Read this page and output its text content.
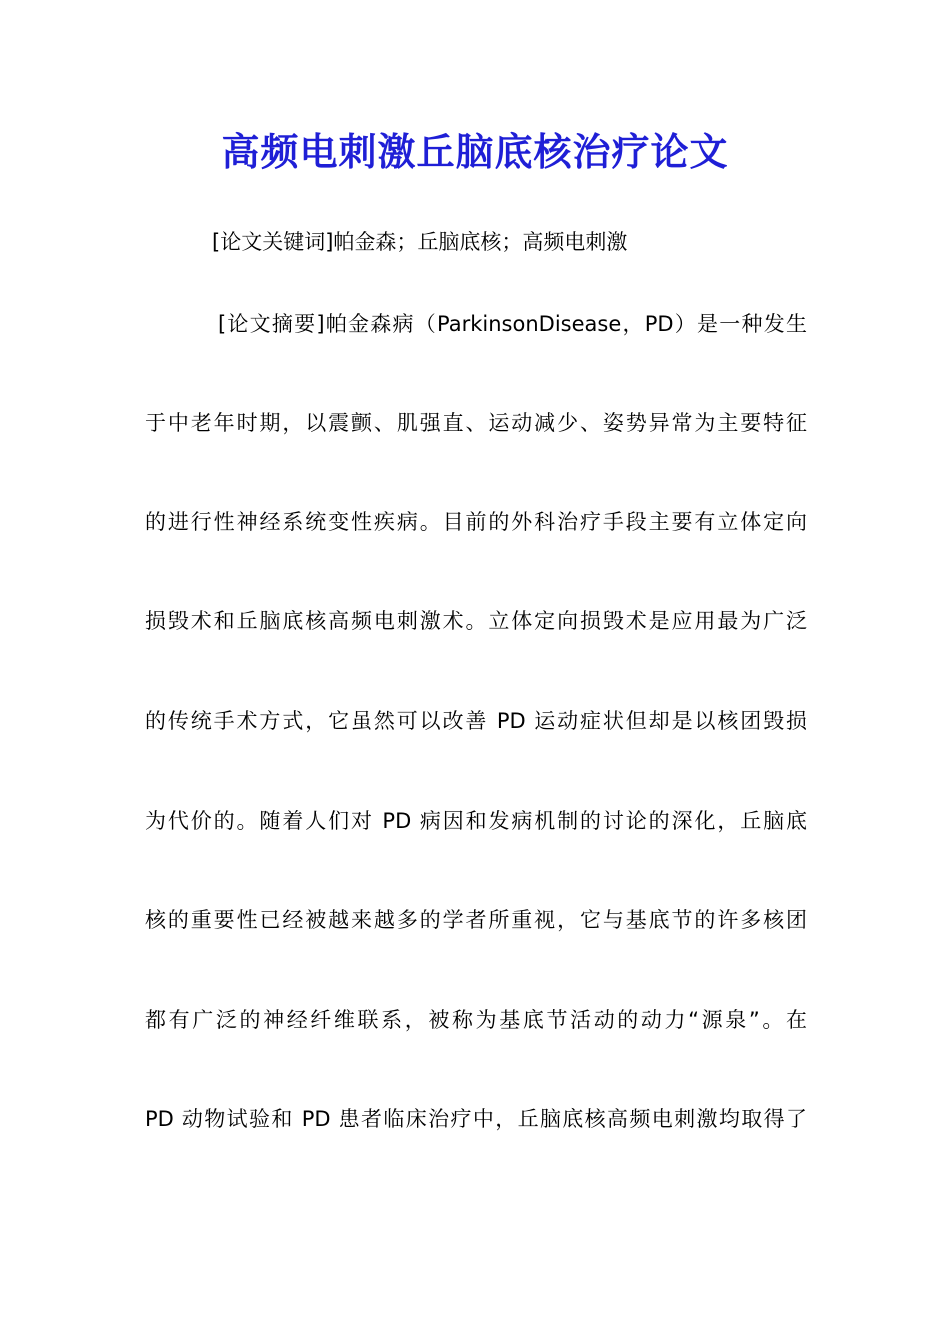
高频电刺激丘脑底核治疗论文

[论文关键词]帕金森；丘脑底核；高频电刺激

[论文摘要]帕金森病（ParkinsonDisease，PD）是一种发生

于中老年时期，以震颤、肌强直、运动减少、姿势异常为主要特征

的进行性神经系统变性疾病。目前的外科治疗手段主要有立体定向

损毁术和丘脑底核高频电刺激术。立体定向损毁术是应用最为广泛

的传统手术方式，它虽然可以改善 PD 运动症状但却是以核团毁损

为代价的。随着人们对 PD 病因和发病机制的讨论的深化，丘脑底

核的重要性已经被越来越多的学者所重视，它与基底节的许多核团

都有广泛的神经纤维联系，被称为基底节活动的动力“源泉”。在

PD 动物试验和 PD 患者临床治疗中，丘脑底核高频电刺激均取得了
